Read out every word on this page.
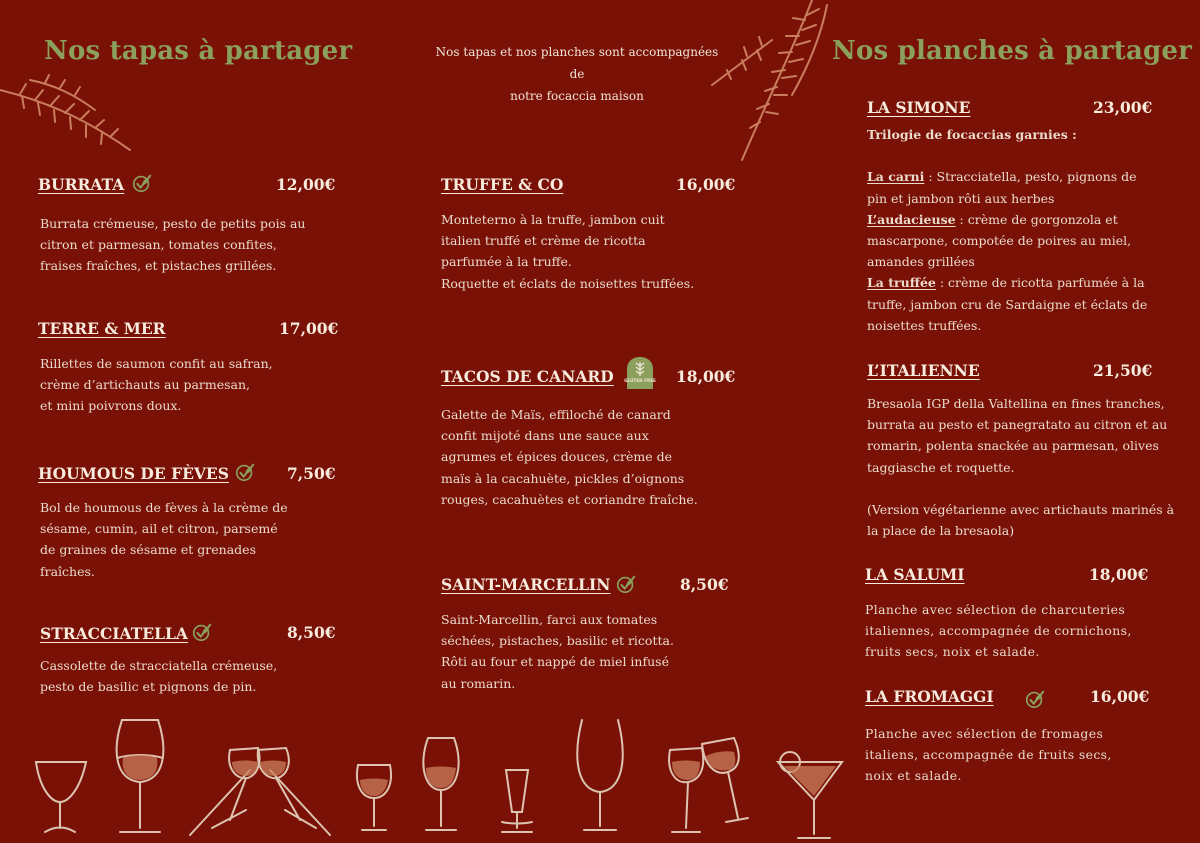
Nos tapas à partager
BURRATA	12,00€

Burrata crémeuse, pesto de petits pois au

citron et parmesan, tomates confites,

fraises fraîches, et pistaches grillées.

TERRE & MER	17,00€

Rillettes de saumon confit au safran,

crème d’artichauts au parmesan,

et mini poivrons doux.

HOUMOUS DE FÈVES	7,50€

Bol de houmous de fèves à la crème de

sésame, cumin, ail et citron, parsemé

de graines de sésame et grenades

fraîches.

STRACCIATELLA	8,50€

Cassolette de stracciatella crémeuse,

pesto de basilic et pignons de pin.

Nos tapas et nos planches sont accompagnées de
notre focaccia maison
TRUFFE & CO	16,00€

Monteterno à la truffe, jambon cuit

italien truffé et crème de ricotta

parfumée à la truffe.

Roquette et éclats de noisettes truffées.

TACOS DE CANARD GLUTEN FREE 18,00€

Galette de Maïs, effiloché de canard

confit mijoté dans une sauce aux

agrumes et épices douces, crème de

maïs à la cacahuète, pickles d’oignons

rouges, cacahuètes et coriandre fraîche.

SAINT-MARCELLIN	8,50€

Saint-Marcellin, farci aux tomates

séchées, pistaches, basilic et ricotta.

Rôti au four et nappé de miel infusé

au romarin.

Nos planches à partager
LA SIMONE	23,00€

Trilogie de focaccias garnies :

La carni : Stracciatella, pesto, pignons de pin et jambon rôti aux herbes

L’audacieuse : crème de gorgonzola et mascarpone, compotée de poires au miel, amandes grillées

La truffée : crème de ricotta parfumée à la truffe, jambon cru de Sardaigne et éclats de noisettes truffées.

L’ITALIENNE	21,50€

Bresaola IGP della Valtellina en fines tranches,

burrata au pesto et panegratato au citron et au

romarin, polenta snackée au parmesan, olives

taggiasche et roquette.

(Version végétarienne avec artichauts marinés à

la place de la bresaola)

LA SALUMI	18,00€

Planche avec sélection de charcuteries

italiennes, accompagnée de cornichons,

fruits secs, noix et salade.

LA FROMAGGI	16,00€

Planche avec sélection de fromages

italiens, accompagnée de fruits secs,

noix et salade.
